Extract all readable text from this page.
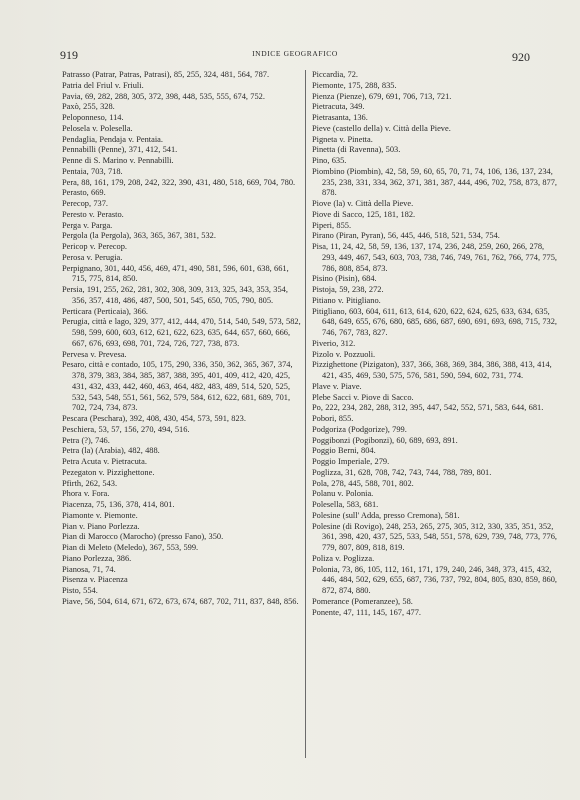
919	INDICE GEOGRAFICO	920
Patrasso (Patrar, Patras, Patrasi), 85, 255, 324, 481, 564, 787.
Patria del Friul v. Friuli.
Pavia, 69, 282, 288, 305, 372, 398, 448, 535, 555, 674, 752.
Paxò, 255, 328.
Peloponneso, 114.
Pelosela v. Polesella.
Pendaglia, Pendaja v. Pentaia.
Pennabilli (Penne), 371, 412, 541.
Penne di S. Marino v. Pennabilli.
Pentaia, 703, 718.
Pera, 88, 161, 179, 208, 242, 322, 390, 431, 480, 518, 669, 704, 780.
Perasto, 669.
Perecop, 737.
Peresto v. Perasto.
Perga v. Parga.
Pergola (la Pergola), 363, 365, 367, 381, 532.
Pericop v. Perecop.
Perosa v. Perugia.
Perpignano, 301, 440, 456, 469, 471, 490, 581, 596, 601, 638, 661, 715, 775, 814, 850.
Persia, 191, 255, 262, 281, 302, 308, 309, 313, 325, 343, 353, 354, 356, 357, 418, 486, 487, 500, 501, 545, 650, 705, 790, 805.
Perticara (Perticaia), 366.
Perugia, città e lago, 329, 377, 412, 444, 470, 514, 540, 549, 573, 582, 598, 599, 600, 603, 612, 621, 622, 623, 635, 644, 657, 660, 666, 667, 676, 693, 698, 701, 724, 726, 727, 738, 873.
Pervesa v. Prevesa.
Pesaro, città e contado, 105, 175, 290, 336, 350, 362, 365, 367, 374, 378, 379, 383, 384, 385, 387, 388, 395, 401, 409, 412, 420, 425, 431, 432, 433, 442, 460, 463, 464, 482, 483, 489, 514, 520, 525, 532, 543, 548, 551, 561, 562, 579, 584, 612, 622, 681, 689, 701, 702, 724, 734, 873.
Pescara (Peschara), 392, 408, 430, 454, 573, 591, 823.
Peschiera, 53, 57, 156, 270, 494, 516.
Petra (?), 746.
Petra (la) (Arabia), 482, 488.
Petra Acuta v. Pietracuta.
Pezegaton v. Pizzighettone.
Pfirth, 262, 543.
Phora v. Fora.
Piacenza, 75, 136, 378, 414, 801.
Piamonte v. Piemonte.
Pian v. Piano Porlezza.
Pian di Marocco (Marocho) (presso Fano), 350.
Pian di Meleto (Meledo), 367, 553, 599.
Piano Porlezza, 386.
Pianosa, 71, 74.
Pisenza v. Piacenza
Pisto, 554.
Piave, 56, 504, 614, 671, 672, 673, 674, 687, 702, 711, 837, 848, 856.
Piccardia, 72.
Piemonte, 175, 288, 835.
Pienza (Pienze), 679, 691, 706, 713, 721.
Pietracuta, 349.
Pietrasanta, 136.
Pieve (castello della) v. Città della Pieve.
Pigneta v. Pinetta.
Pinetta (di Ravenna), 503.
Pino, 635.
Piombino (Piombin), 42, 58, 59, 60, 65, 70, 71, 74, 106, 136, 137, 234, 235, 238, 331, 334, 362, 371, 381, 387, 444, 496, 702, 758, 873, 877, 878.
Piove (la) v. Città della Pieve.
Piove di Sacco, 125, 181, 182.
Piperi, 855.
Pirano (Piran, Pyran), 56, 445, 446, 518, 521, 534, 754.
Pisa, 11, 24, 42, 58, 59, 136, 137, 174, 236, 248, 259, 260, 266, 278, 293, 449, 467, 543, 603, 703, 738, 746, 749, 761, 762, 766, 774, 775, 786, 808, 854, 873.
Pisino (Pisin), 684.
Pistoja, 59, 238, 272.
Pitiano v. Pitigliano.
Pitigliano, 603, 604, 611, 613, 614, 620, 622, 624, 625, 633, 634, 635, 648, 649, 655, 676, 680, 685, 686, 687, 690, 691, 693, 698, 715, 732, 746, 767, 783, 827.
Piverio, 312.
Pizolo v. Pozzuoli.
Pizzighettone (Pizigaton), 337, 366, 368, 369, 384, 386, 388, 413, 414, 421, 435, 469, 530, 575, 576, 581, 590, 594, 602, 731, 774.
Plave v. Piave.
Plebe Sacci v. Piove di Sacco.
Po, 222, 234, 282, 288, 312, 395, 447, 542, 552, 571, 583, 644, 681.
Pobori, 855.
Podgoriza (Podgorize), 799.
Poggibonzi (Pogibonzi), 60, 689, 693, 891.
Poggio Berni, 804.
Poggio Imperiale, 279.
Poglizza, 31, 628, 708, 742, 743, 744, 788, 789, 801.
Pola, 278, 445, 588, 701, 802.
Polanu v. Polonia.
Polesella, 583, 681.
Polesine (sull' Adda, presso Cremona), 581.
Polesine (di Rovigo), 248, 253, 265, 275, 305, 312, 330, 335, 351, 352, 361, 398, 420, 437, 525, 533, 548, 551, 578, 629, 739, 748, 773, 776, 779, 807, 809, 818, 819.
Poliza v. Poglizza.
Polonia, 73, 86, 105, 112, 161, 171, 179, 240, 246, 348, 373, 415, 432, 446, 484, 502, 629, 655, 687, 736, 737, 792, 804, 805, 830, 859, 860, 872, 874, 880.
Pomerance (Pomeranzee), 58.
Ponente, 47, 111, 145, 167, 477.
